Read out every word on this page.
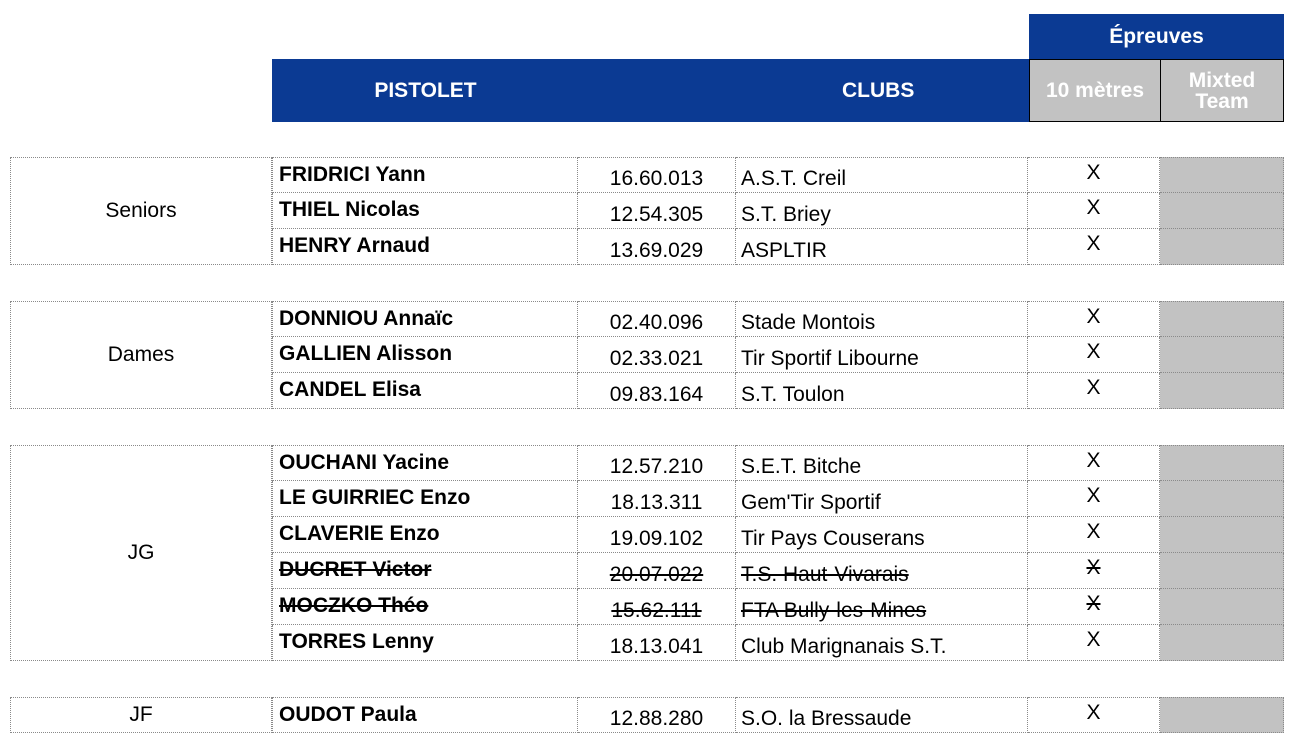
Épreuves
PISTOLET	CLUBS	10 mètres	Mixted Team
Seniors
FRIDRICI Yann	16.60.013 A.S.T. Creil	X
THIEL Nicolas	12.54.305 S.T. Briey	X
HENRY Arnaud	13.69.029 ASPLTIR	X
Dames
DONNIOU Annaïc	02.40.096 Stade Montois	X
GALLIEN Alisson	02.33.021 Tir Sportif Libourne	X
CANDEL Elisa	09.83.164 S.T. Toulon	X
JG
OUCHANI Yacine	12.57.210 S.E.T. Bitche	X
LE GUIRRIEC Enzo	18.13.311 Gem'Tir Sportif	X
CLAVERIE Enzo	19.09.102 Tir Pays Couserans	X
DUCRET Victor	20.07.022 T.S. Haut-Vivarais	X
MOCZKO Théo	15.62.111 FTA Bully-les-Mines	X
TORRES Lenny	18.13.041 Club Marignanais S.T.	X
JF	OUDOT Paula	12.88.280 S.O. la Bressaude	X
